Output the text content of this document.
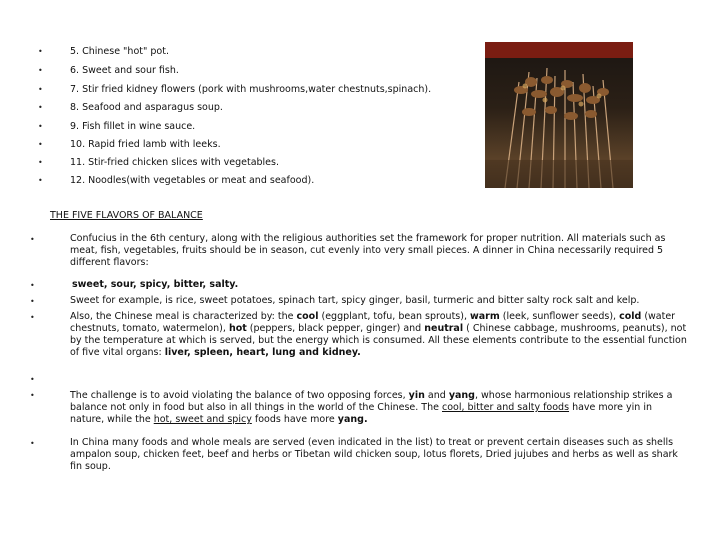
•	5. Chinese "hot" pot.
•	6. Sweet and sour fish.
•	7. Stir fried kidney flowers (pork with mushrooms,water chestnuts,spinach).
•	8. Seafood and asparagus soup.
•	9. Fish fillet in wine sauce.
•	10. Rapid fried lamb with leeks.
•	11. Stir-fried chicken slices with vegetables.
•	12. Noodles(with vegetables or meat and seafood).
THE FIVE FLAVORS OF BALANCE
•	Confucius in the 6th century, along with the religious authorities set the framework for proper nutrition. All materials such as meat, fish, vegetables, fruits should be in season, cut evenly into very small pieces. A dinner in China necessarily required 5 different flavors:
•	sweet, sour, spicy, bitter, salty.
•	Sweet for example, is rice, sweet potatoes, spinach tart, spicy ginger, basil, turmeric and bitter salty rock salt and kelp.
•	Also, the Chinese meal is characterized by: the cool (eggplant, tofu, bean sprouts), warm (leek, sunflower seeds), cold (water chestnuts, tomato, watermelon), hot (peppers, black pepper, ginger) and neutral ( Chinese cabbage, mushrooms, peanuts), not by the temperature at which is served, but the energy which is consumed. All these elements contribute to the essential function of five vital organs: liver, spleen, heart, lung and kidney.
•
•	The challenge is to avoid violating the balance of two opposing forces, yin and yang, whose harmonious relationship strikes a balance not only in food but also in all things in the world of the Chinese. The cool, bitter and salty foods have more yin in nature, while the hot, sweet and spicy foods have more yang.
•	In China many foods and whole meals are served (even indicated in the list) to treat or prevent certain diseases such as shells ampalon soup, chicken feet, beef and herbs or Tibetan wild chicken soup, lotus florets, Dried jujubes and herbs as well as shark fin soup.
